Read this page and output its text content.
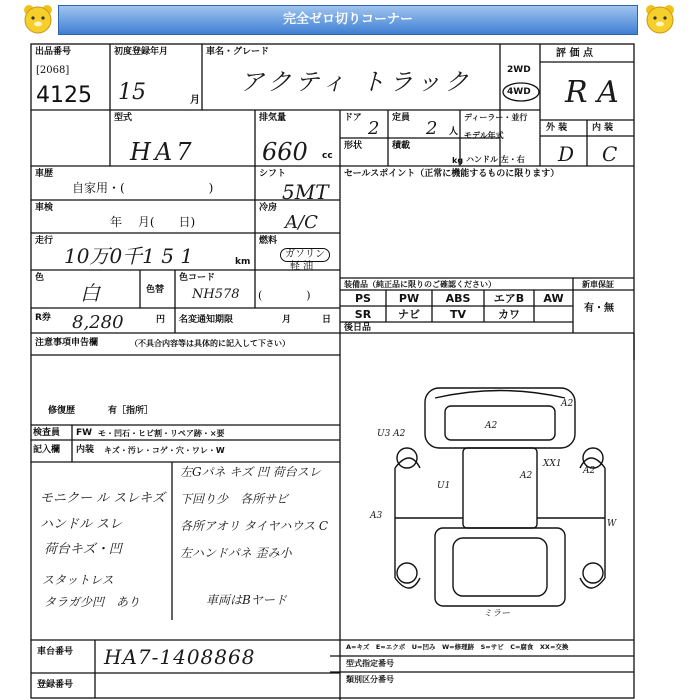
完全ゼロ切りコーナー
出品番号
[2068]
4125
初度登録年月
15	月
車名・グレード
アクティ トラック	2WD
4WD
評 価 点
R A
型式
HA7
排気量
660 cc
ドア 2 定員 2 人
ディーラー・並行
モデル年式
形状	積載
kg ハンドル 左・右
外 装	内 装
D C
車歴
自家用・(　　　　　　　)
シフト
5MT
車検
年　 月(　　日)
冷房
A/C
走行
10万0千1 5 1	km
燃料
ガソリン
軽 油
色
白	色替
色コード
NH578 (　　　　)
R券 8,280	円 名変通知期限	月	日
セールスポイント（正常に機能するものに限ります）
装備品（純正品に限りのご確認ください）	新車保証
有・無
PS	PW	ABS	エアB	AW
SR	ナビ	TV	カワ
後日品
注意事項申告欄	（不具合内容等は具体的に記入して下さい）
修復歴	有［指所］
検査員 FW モ・凹石・ヒビ割・リペア跡・×要
記入欄 内装 キズ・汚レ・コゲ・穴・ワレ・W
モニクー ル スレキズ
ハンドル スレ
荷台キズ・凹
スタットレス
タラガ少凹　あり
左Gパネ キズ 凹 荷台スレ
下回り少　各所サビ
各所アオリ タイヤハウス C
左ハンドパネ 歪み小
車両はBヤード
U3 A2
A2
A2
XX1
A2
W
A3
ミラー
A2
U1
A=キズ　E=エクボ　U=凹み　W=修理跡　S=サビ　C=腐食　XX=交換
車台番号 HA7-1408868
登録番号
型式指定番号
類別区分番号
